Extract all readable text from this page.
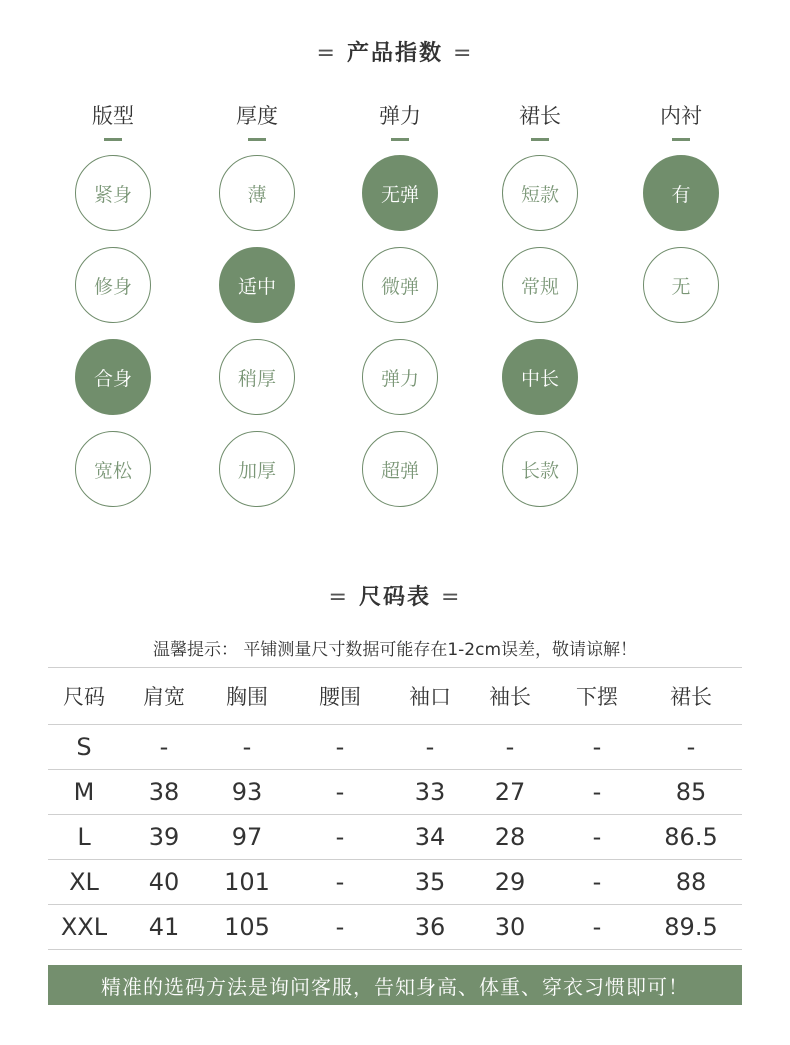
= 产品指数 =
版型
紧身
修身
合身
宽松
厚度
薄
适中
稍厚
加厚
弹力
无弹
微弹
弹力
超弹
裙长
短款
常规
中长
长款
内衬
有
无
= 尺码表 =
温馨提示： 平铺测量尺寸数据可能存在1-2cm误差，敬请谅解！
尺码	肩宽	胸围	腰围	袖口	袖长	下摆	裙长
S	-	-	-	-	-	-	-
M	38	93	-	33	27	-	85
L	39	97	-	34	28	-	86.5
XL	40	101	-	35	29	-	88
XXL	41	105	-	36	30	-	89.5
精准的选码方法是询问客服，告知身高、体重、穿衣习惯即可！
